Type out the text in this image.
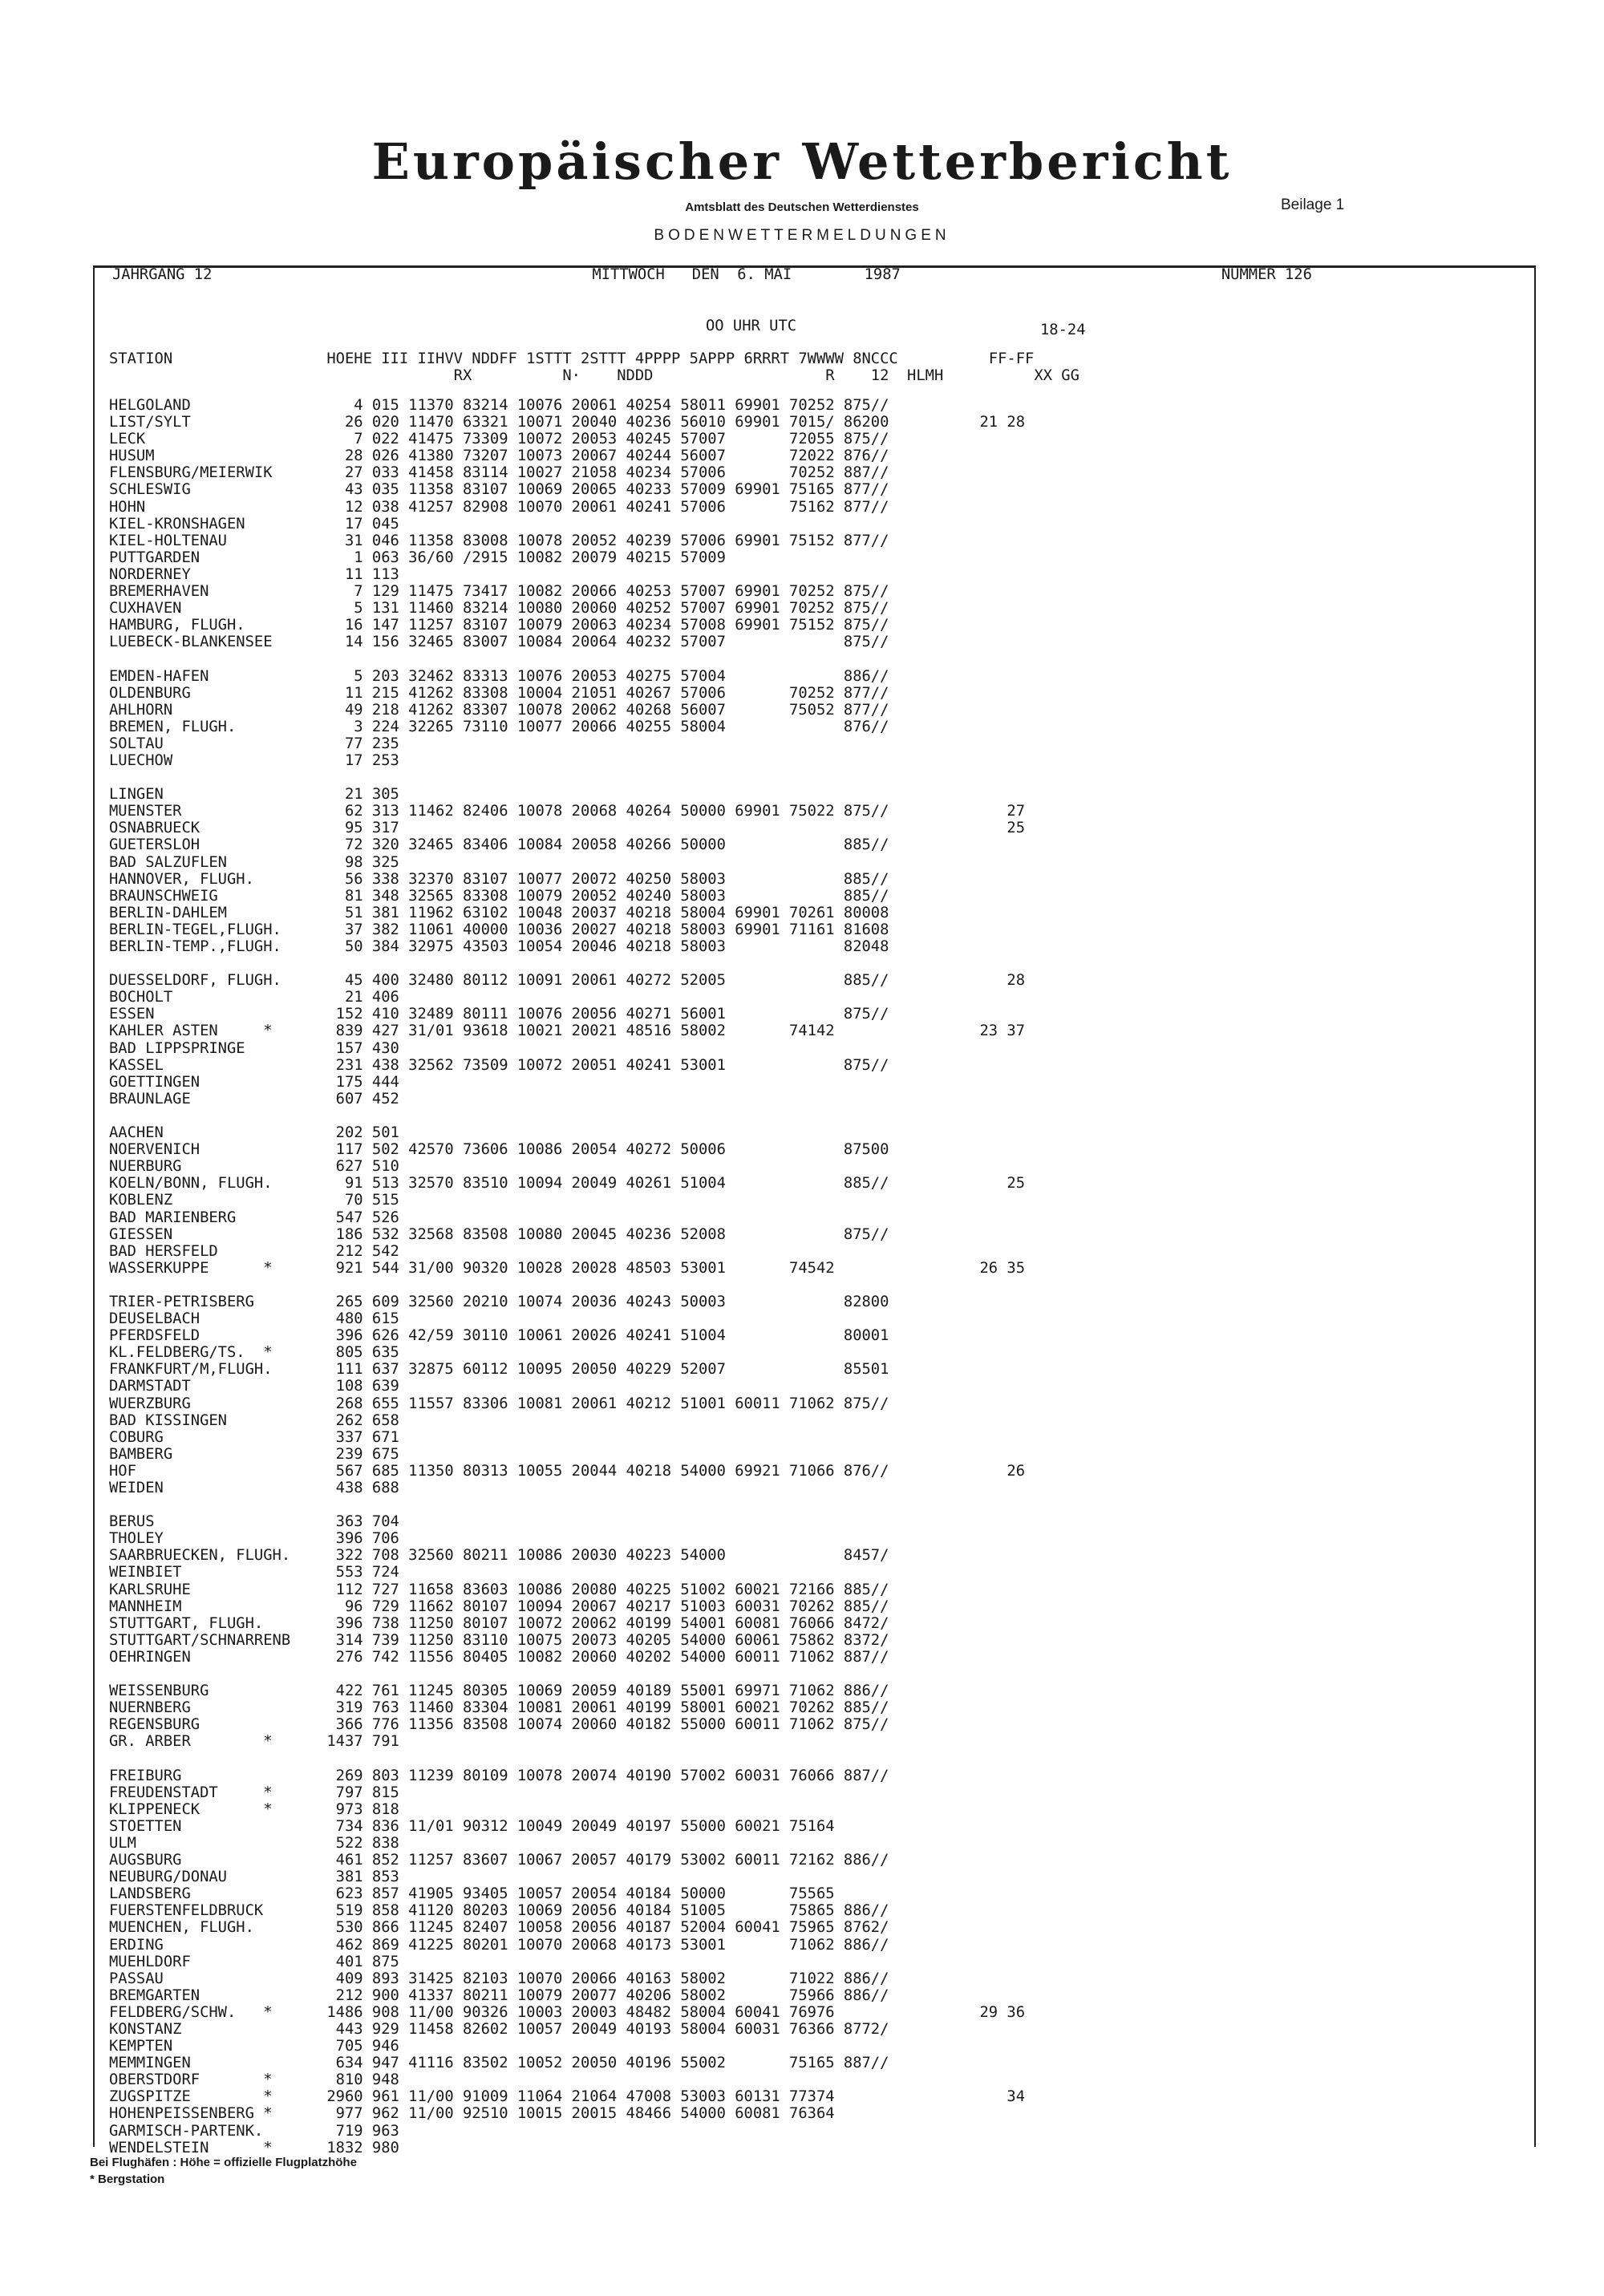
Europäischer Wetterbericht

Amtsblatt des Deutschen Wetterdienstes	Beilage 1

BODENWETTERMELDUNGEN

JAHRGANG 12	MITTWOCH   DEN  6. MAI        1987	NUMMER 126
OO UHR UTC	18-24
STATION                 HOEHE III IIHVV NDDFF 1STTT 2STTT 4PPPP 5APPP 6RRRT 7WWWW 8NCCC          FF-FF
RX          N·    NDDD                   R    12  HLMH          XX GG
HELGOLAND                  4 015 11370 83214 10076 20061 40254 58011 69901 70252 875//
LIST/SYLT                 26 020 11470 63321 10071 20040 40236 56010 69901 7015/ 86200          21 28
LECK                       7 022 41475 73309 10072 20053 40245 57007       72055 875//
HUSUM                     28 026 41380 73207 10073 20067 40244 56007       72022 876//
FLENSBURG/MEIERWIK        27 033 41458 83114 10027 21058 40234 57006       70252 887//
SCHLESWIG                 43 035 11358 83107 10069 20065 40233 57009 69901 75165 877//
HOHN                      12 038 41257 82908 10070 20061 40241 57006       75162 877//
KIEL-KRONSHAGEN           17 045
KIEL-HOLTENAU             31 046 11358 83008 10078 20052 40239 57006 69901 75152 877//
PUTTGARDEN                 1 063 36/60 /2915 10082 20079 40215 57009
NORDERNEY                 11 113
BREMERHAVEN                7 129 11475 73417 10082 20066 40253 57007 69901 70252 875//
CUXHAVEN                   5 131 11460 83214 10080 20060 40252 57007 69901 70252 875//
HAMBURG, FLUGH.           16 147 11257 83107 10079 20063 40234 57008 69901 75152 875//
LUEBECK-BLANKENSEE        14 156 32465 83007 10084 20064 40232 57007             875//
EMDEN-HAFEN                5 203 32462 83313 10076 20053 40275 57004             886//
OLDENBURG                 11 215 41262 83308 10004 21051 40267 57006       70252 877//
AHLHORN                   49 218 41262 83307 10078 20062 40268 56007       75052 877//
BREMEN, FLUGH.             3 224 32265 73110 10077 20066 40255 58004             876//
SOLTAU                    77 235
LUECHOW                   17 253
LINGEN                    21 305
MUENSTER                  62 313 11462 82406 10078 20068 40264 50000 69901 75022 875//             27
OSNABRUECK                95 317                                                                   25
GUETERSLOH                72 320 32465 83406 10084 20058 40266 50000             885//
BAD SALZUFLEN             98 325
HANNOVER, FLUGH.          56 338 32370 83107 10077 20072 40250 58003             885//
BRAUNSCHWEIG              81 348 32565 83308 10079 20052 40240 58003             885//
BERLIN-DAHLEM             51 381 11962 63102 10048 20037 40218 58004 69901 70261 80008
BERLIN-TEGEL,FLUGH.       37 382 11061 40000 10036 20027 40218 58003 69901 71161 81608
BERLIN-TEMP.,FLUGH.       50 384 32975 43503 10054 20046 40218 58003             82048
DUESSELDORF, FLUGH.       45 400 32480 80112 10091 20061 40272 52005             885//             28
BOCHOLT                   21 406
ESSEN                    152 410 32489 80111 10076 20056 40271 56001             875//
KAHLER ASTEN     *       839 427 31/01 93618 10021 20021 48516 58002       74142                23 37
BAD LIPPSPRINGE          157 430
KASSEL                   231 438 32562 73509 10072 20051 40241 53001             875//
GOETTINGEN               175 444
BRAUNLAGE                607 452
AACHEN                   202 501
NOERVENICH               117 502 42570 73606 10086 20054 40272 50006             87500
NUERBURG                 627 510
KOELN/BONN, FLUGH.        91 513 32570 83510 10094 20049 40261 51004             885//             25
KOBLENZ                   70 515
BAD MARIENBERG           547 526
GIESSEN                  186 532 32568 83508 10080 20045 40236 52008             875//
BAD HERSFELD             212 542
WASSERKUPPE      *       921 544 31/00 90320 10028 20028 48503 53001       74542                26 35
TRIER-PETRISBERG         265 609 32560 20210 10074 20036 40243 50003             82800
DEUSELBACH               480 615
PFERDSFELD               396 626 42/59 30110 10061 20026 40241 51004             80001
KL.FELDBERG/TS.  *       805 635
FRANKFURT/M,FLUGH.       111 637 32875 60112 10095 20050 40229 52007             85501
DARMSTADT                108 639
WUERZBURG                268 655 11557 83306 10081 20061 40212 51001 60011 71062 875//
BAD KISSINGEN            262 658
COBURG                   337 671
BAMBERG                  239 675
HOF                      567 685 11350 80313 10055 20044 40218 54000 69921 71066 876//             26
WEIDEN                   438 688
BERUS                    363 704
THOLEY                   396 706
SAARBRUECKEN, FLUGH.     322 708 32560 80211 10086 20030 40223 54000             8457/
WEINBIET                 553 724
KARLSRUHE                112 727 11658 83603 10086 20080 40225 51002 60021 72166 885//
MANNHEIM                  96 729 11662 80107 10094 20067 40217 51003 60031 70262 885//
STUTTGART, FLUGH.        396 738 11250 80107 10072 20062 40199 54001 60081 76066 8472/
STUTTGART/SCHNARRENB     314 739 11250 83110 10075 20073 40205 54000 60061 75862 8372/
OEHRINGEN                276 742 11556 80405 10082 20060 40202 54000 60011 71062 887//
WEISSENBURG              422 761 11245 80305 10069 20059 40189 55001 69971 71062 886//
NUERNBERG                319 763 11460 83304 10081 20061 40199 58001 60021 70262 885//
REGENSBURG               366 776 11356 83508 10074 20060 40182 55000 60011 71062 875//
GR. ARBER        *      1437 791
FREIBURG                 269 803 11239 80109 10078 20074 40190 57002 60031 76066 887//
FREUDENSTADT     *       797 815
KLIPPENECK       *       973 818
STOETTEN                 734 836 11/01 90312 10049 20049 40197 55000 60021 75164
ULM                      522 838
AUGSBURG                 461 852 11257 83607 10067 20057 40179 53002 60011 72162 886//
NEUBURG/DONAU            381 853
LANDSBERG                623 857 41905 93405 10057 20054 40184 50000       75565
FUERSTENFELDBRUCK        519 858 41120 80203 10069 20056 40184 51005       75865 886//
MUENCHEN, FLUGH.         530 866 11245 82407 10058 20056 40187 52004 60041 75965 8762/
ERDING                   462 869 41225 80201 10070 20068 40173 53001       71062 886//
MUEHLDORF                401 875
PASSAU                   409 893 31425 82103 10070 20066 40163 58002       71022 886//
BREMGARTEN               212 900 41337 80211 10079 20077 40206 58002       75966 886//
FELDBERG/SCHW.   *      1486 908 11/00 90326 10003 20003 48482 58004 60041 76976                29 36
KONSTANZ                 443 929 11458 82602 10057 20049 40193 58004 60031 76366 8772/
KEMPTEN                  705 946
MEMMINGEN                634 947 41116 83502 10052 20050 40196 55002       75165 887//
OBERSTDORF       *       810 948
ZUGSPITZE        *      2960 961 11/00 91009 11064 21064 47008 53003 60131 77374                   34
HOHENPEISSENBERG *       977 962 11/00 92510 10015 20015 48466 54000 60081 76364
GARMISCH-PARTENK.        719 963
WENDELSTEIN      *      1832 980

Bei Flughäfen : Höhe = offizielle Flugplatzhöhe

* Bergstation
